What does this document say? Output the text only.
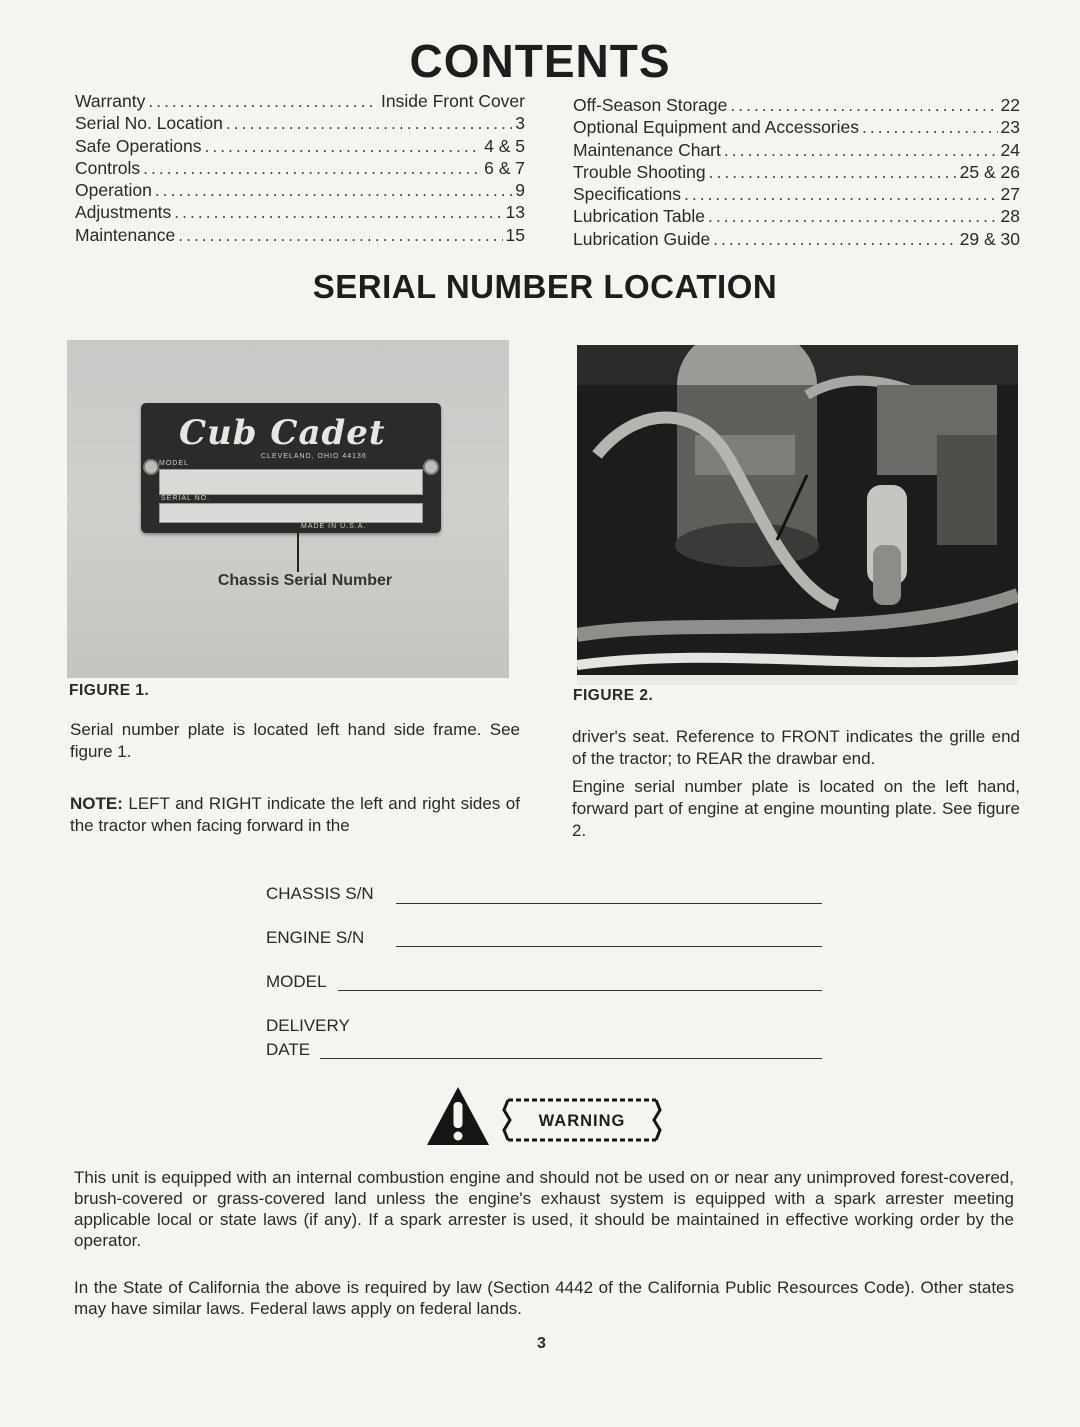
CONTENTS
Warranty .....	Inside Front Cover
Serial No. Location .....	3
Safe Operations .....	4 & 5
Controls .....	6 & 7
Operation .....	9
Adjustments .....	13
Maintenance .....	15
Off-Season Storage .....	22
Optional Equipment and Accessories .....	23
Maintenance Chart .....	24
Trouble Shooting .....	25 & 26
Specifications .....	27
Lubrication Table .....	28
Lubrication Guide .....	29 & 30
SERIAL NUMBER LOCATION
Cub Cadet
CLEVELAND, OHIO 44136
MODEL
SERIAL NO.
MADE IN U.S.A.
Chassis Serial Number
FIGURE 1.	FIGURE 2.
Serial number plate is located left hand side frame. See figure 1.
NOTE: LEFT and RIGHT indicate the left and right sides of the tractor when facing forward in the
driver's seat. Reference to FRONT indicates the grille end of the tractor; to REAR the drawbar end.
Engine serial number plate is located on the left hand, forward part of engine at engine mounting plate. See figure 2.
CHASSIS S/N
ENGINE S/N
MODEL
DELIVERY
DATE
WARNING
This unit is equipped with an internal combustion engine and should not be used on or near any unimproved forest-covered, brush-covered or grass-covered land unless the engine's exhaust system is equipped with a spark arrester meeting applicable local or state laws (if any). If a spark arrester is used, it should be maintained in effective working order by the operator.
In the State of California the above is required by law (Section 4442 of the California Public Resources Code). Other states may have similar laws. Federal laws apply on federal lands.
3
